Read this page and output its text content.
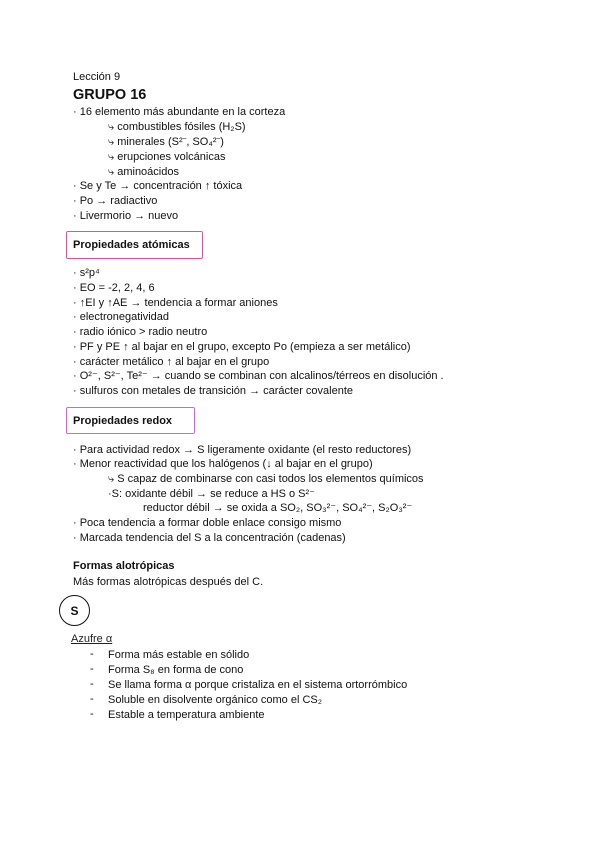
Lección 9
GRUPO 16
· 16 elemento más abundante en la corteza
⤷ combustibles fósiles (H₂S)
⤷ minerales (S²⁻, SO₄²⁻)
⤷ erupciones volcánicas
⤷ aminoácidos
· Se y Te → concentración ↑ tóxica
· Po → radiactivo
· Livermorio → nuevo
Propiedades atómicas
· s²p⁴
· EO = -2, 2, 4, 6
· ↑EI y ↑AE → tendencia a formar aniones
· electronegatividad
· radio iónico > radio neutro
· PF y PE ↑ al bajar en el grupo, excepto Po (empieza a ser metálico)
· carácter metálico ↑ al bajar en el grupo
· O²⁻, S²⁻, Te²⁻ → cuando se combinan con alcalinos/térreos en disolución .
· sulfuros con metales de transición → carácter covalente
Propiedades redox
· Para actividad redox → S ligeramente oxidante (el resto reductores)
· Menor reactividad que los halógenos (↓ al bajar en el grupo)
⤷ S capaz de combinarse con casi todos los elementos químicos
·S: oxidante débil → se reduce a HS o S²⁻
reductor débil → se oxida a SO₂, SO₃²⁻, SO₄²⁻, S₂O₃²⁻
· Poca tendencia a formar doble enlace consigo mismo
· Marcada tendencia del S a la concentración (cadenas)
Formas alotrópicas
Más formas alotrópicas después del C.
S
Azufre α
- Forma más estable en sólido
- Forma S₈ en forma de cono
- Se llama forma α porque cristaliza en el sistema ortorrómbico
- Soluble en disolvente orgánico como el CS₂
- Estable a temperatura ambiente
